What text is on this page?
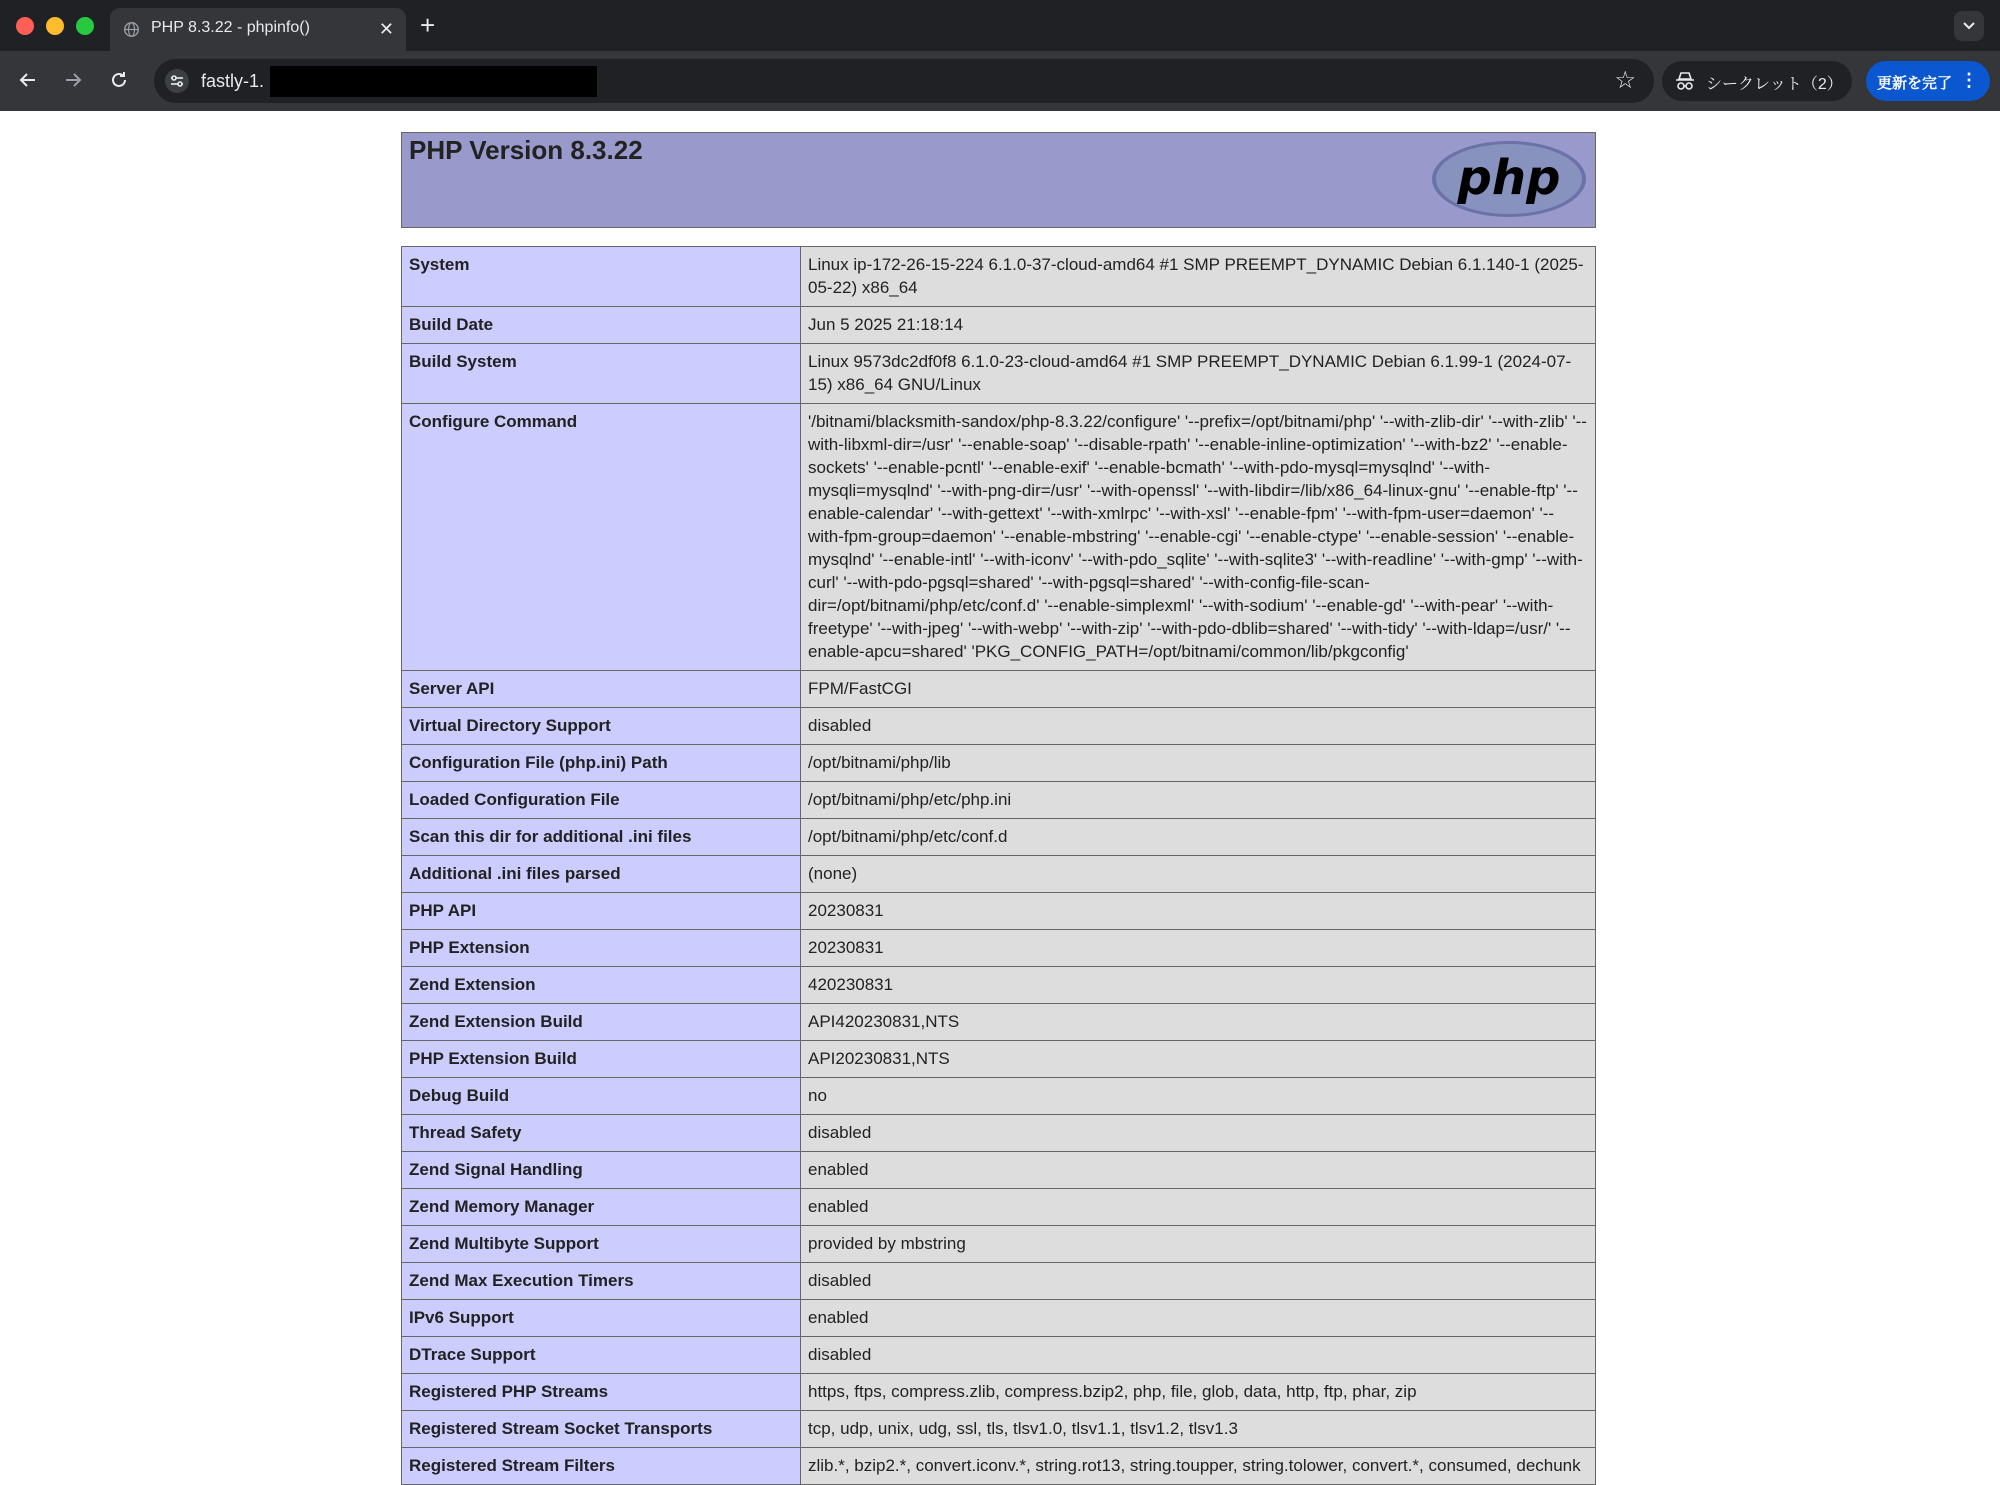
PHP 8.3.22 - phpinfo()	✕ +
fastly-1.	☆	シークレット（2） 更新を完了 ⋮
php
PHP Version 8.3.22
System	Linux ip-172-26-15-224 6.1.0-37-cloud-amd64 #1 SMP PREEMPT_DYNAMIC Debian 6.1.140-1 (2025-05-22) x86_64
Build Date	Jun 5 2025 21:18:14
Build System	Linux 9573dc2df0f8 6.1.0-23-cloud-amd64 #1 SMP PREEMPT_DYNAMIC Debian 6.1.99-1 (2024-07-15) x86_64 GNU/Linux
Configure Command	'/bitnami/blacksmith-sandox/php-8.3.22/configure' '--prefix=/opt/bitnami/php' '--with-zlib-dir' '--with-zlib' '--with-libxml-dir=/usr' '--enable-soap' '--disable-rpath' '--enable-inline-optimization' '--with-bz2' '--enable-sockets' '--enable-pcntl' '--enable-exif' '--enable-bcmath' '--with-pdo-mysql=mysqlnd' '--with-mysqli=mysqlnd' '--with-png-dir=/usr' '--with-openssl' '--with-libdir=/lib/x86_64-linux-gnu' '--enable-ftp' '--enable-calendar' '--with-gettext' '--with-xmlrpc' '--with-xsl' '--enable-fpm' '--with-fpm-user=daemon' '--with-fpm-group=daemon' '--enable-mbstring' '--enable-cgi' '--enable-ctype' '--enable-session' '--enable-mysqlnd' '--enable-intl' '--with-iconv' '--with-pdo_sqlite' '--with-sqlite3' '--with-readline' '--with-gmp' '--with-curl' '--with-pdo-pgsql=shared' '--with-pgsql=shared' '--with-config-file-scan-dir=/opt/bitnami/php/etc/conf.d' '--enable-simplexml' '--with-sodium' '--enable-gd' '--with-pear' '--with-freetype' '--with-jpeg' '--with-webp' '--with-zip' '--with-pdo-dblib=shared' '--with-tidy' '--with-ldap=/usr/' '--enable-apcu=shared' 'PKG_CONFIG_PATH=/opt/bitnami/common/lib/pkgconfig'
Server API	FPM/FastCGI
Virtual Directory Support	disabled
Configuration File (php.ini) Path	/opt/bitnami/php/lib
Loaded Configuration File	/opt/bitnami/php/etc/php.ini
Scan this dir for additional .ini files	/opt/bitnami/php/etc/conf.d
Additional .ini files parsed	(none)
PHP API	20230831
PHP Extension	20230831
Zend Extension	420230831
Zend Extension Build	API420230831,NTS
PHP Extension Build	API20230831,NTS
Debug Build	no
Thread Safety	disabled
Zend Signal Handling	enabled
Zend Memory Manager	enabled
Zend Multibyte Support	provided by mbstring
Zend Max Execution Timers	disabled
IPv6 Support	enabled
DTrace Support	disabled
Registered PHP Streams	https, ftps, compress.zlib, compress.bzip2, php, file, glob, data, http, ftp, phar, zip
Registered Stream Socket Transports	tcp, udp, unix, udg, ssl, tls, tlsv1.0, tlsv1.1, tlsv1.2, tlsv1.3
Registered Stream Filters	zlib.*, bzip2.*, convert.iconv.*, string.rot13, string.toupper, string.tolower, convert.*, consumed, dechunk
